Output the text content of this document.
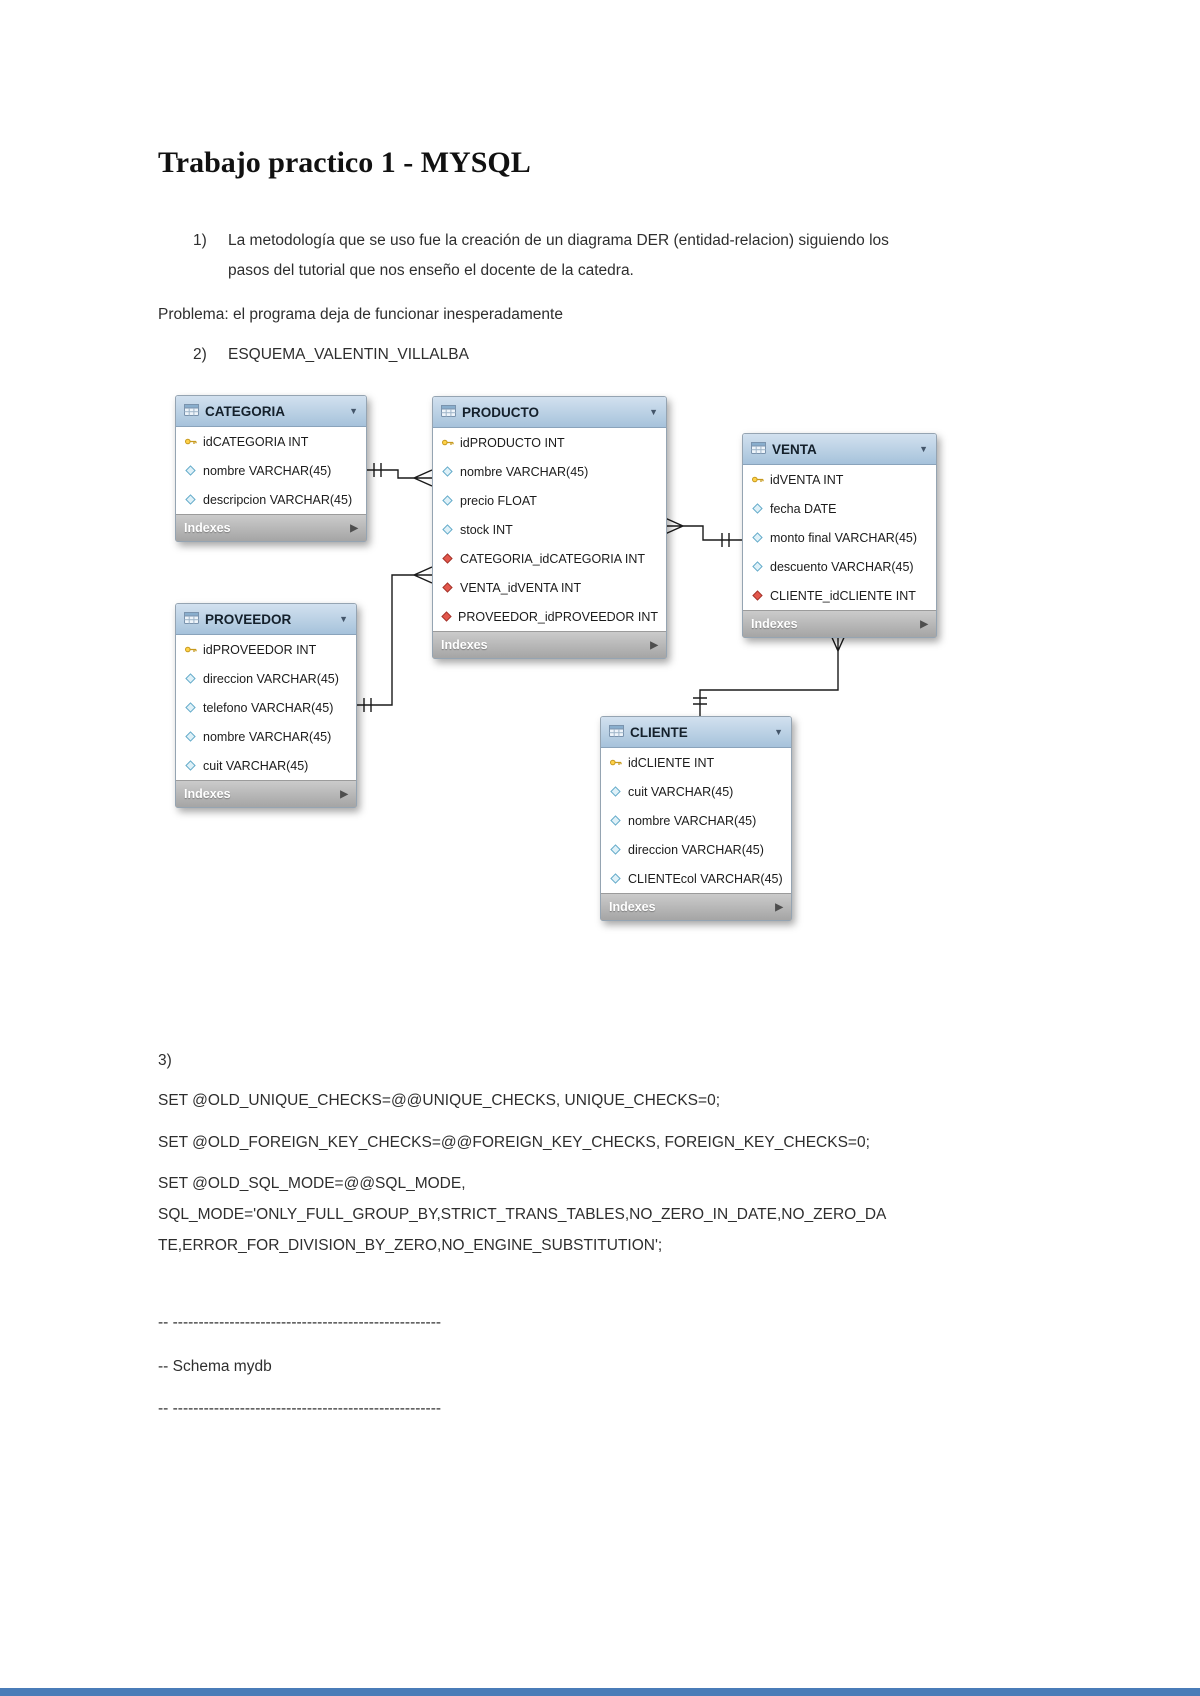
Trabajo practico 1 - MYSQL
1)	La metodología que se uso fue la creación de un diagrama DER (entidad-relacion) siguiendo los pasos del tutorial que nos enseño el docente de la catedra.
Problema: el programa deja de funcionar inesperadamente
2)	ESQUEMA_VALENTIN_VILLALBA
CATEGORIA	▼
idCATEGORIA INT
nombre VARCHAR(45)
descripcion VARCHAR(45)
Indexes	▶
PRODUCTO	▼
idPRODUCTO INT
nombre VARCHAR(45)
precio FLOAT
stock INT
CATEGORIA_idCATEGORIA INT
VENTA_idVENTA INT
PROVEEDOR_idPROVEEDOR INT
Indexes	▶
VENTA	▼
idVENTA INT
fecha DATE
monto final VARCHAR(45)
descuento VARCHAR(45)
CLIENTE_idCLIENTE INT
Indexes	▶
PROVEEDOR	▼
idPROVEEDOR INT
direccion VARCHAR(45)
telefono VARCHAR(45)
nombre VARCHAR(45)
cuit VARCHAR(45)
Indexes	▶
CLIENTE	▼
idCLIENTE INT
cuit VARCHAR(45)
nombre VARCHAR(45)
direccion VARCHAR(45)
CLIENTEcol VARCHAR(45)
Indexes	▶
3)
SET @OLD_UNIQUE_CHECKS=@@UNIQUE_CHECKS, UNIQUE_CHECKS=0;
SET @OLD_FOREIGN_KEY_CHECKS=@@FOREIGN_KEY_CHECKS, FOREIGN_KEY_CHECKS=0;
SET @OLD_SQL_MODE=@@SQL_MODE,
SQL_MODE='ONLY_FULL_GROUP_BY,STRICT_TRANS_TABLES,NO_ZERO_IN_DATE,NO_ZERO_DA
TE,ERROR_FOR_DIVISION_BY_ZERO,NO_ENGINE_SUBSTITUTION';
-- ----------------------------------------------------
-- Schema mydb
-- ----------------------------------------------------
